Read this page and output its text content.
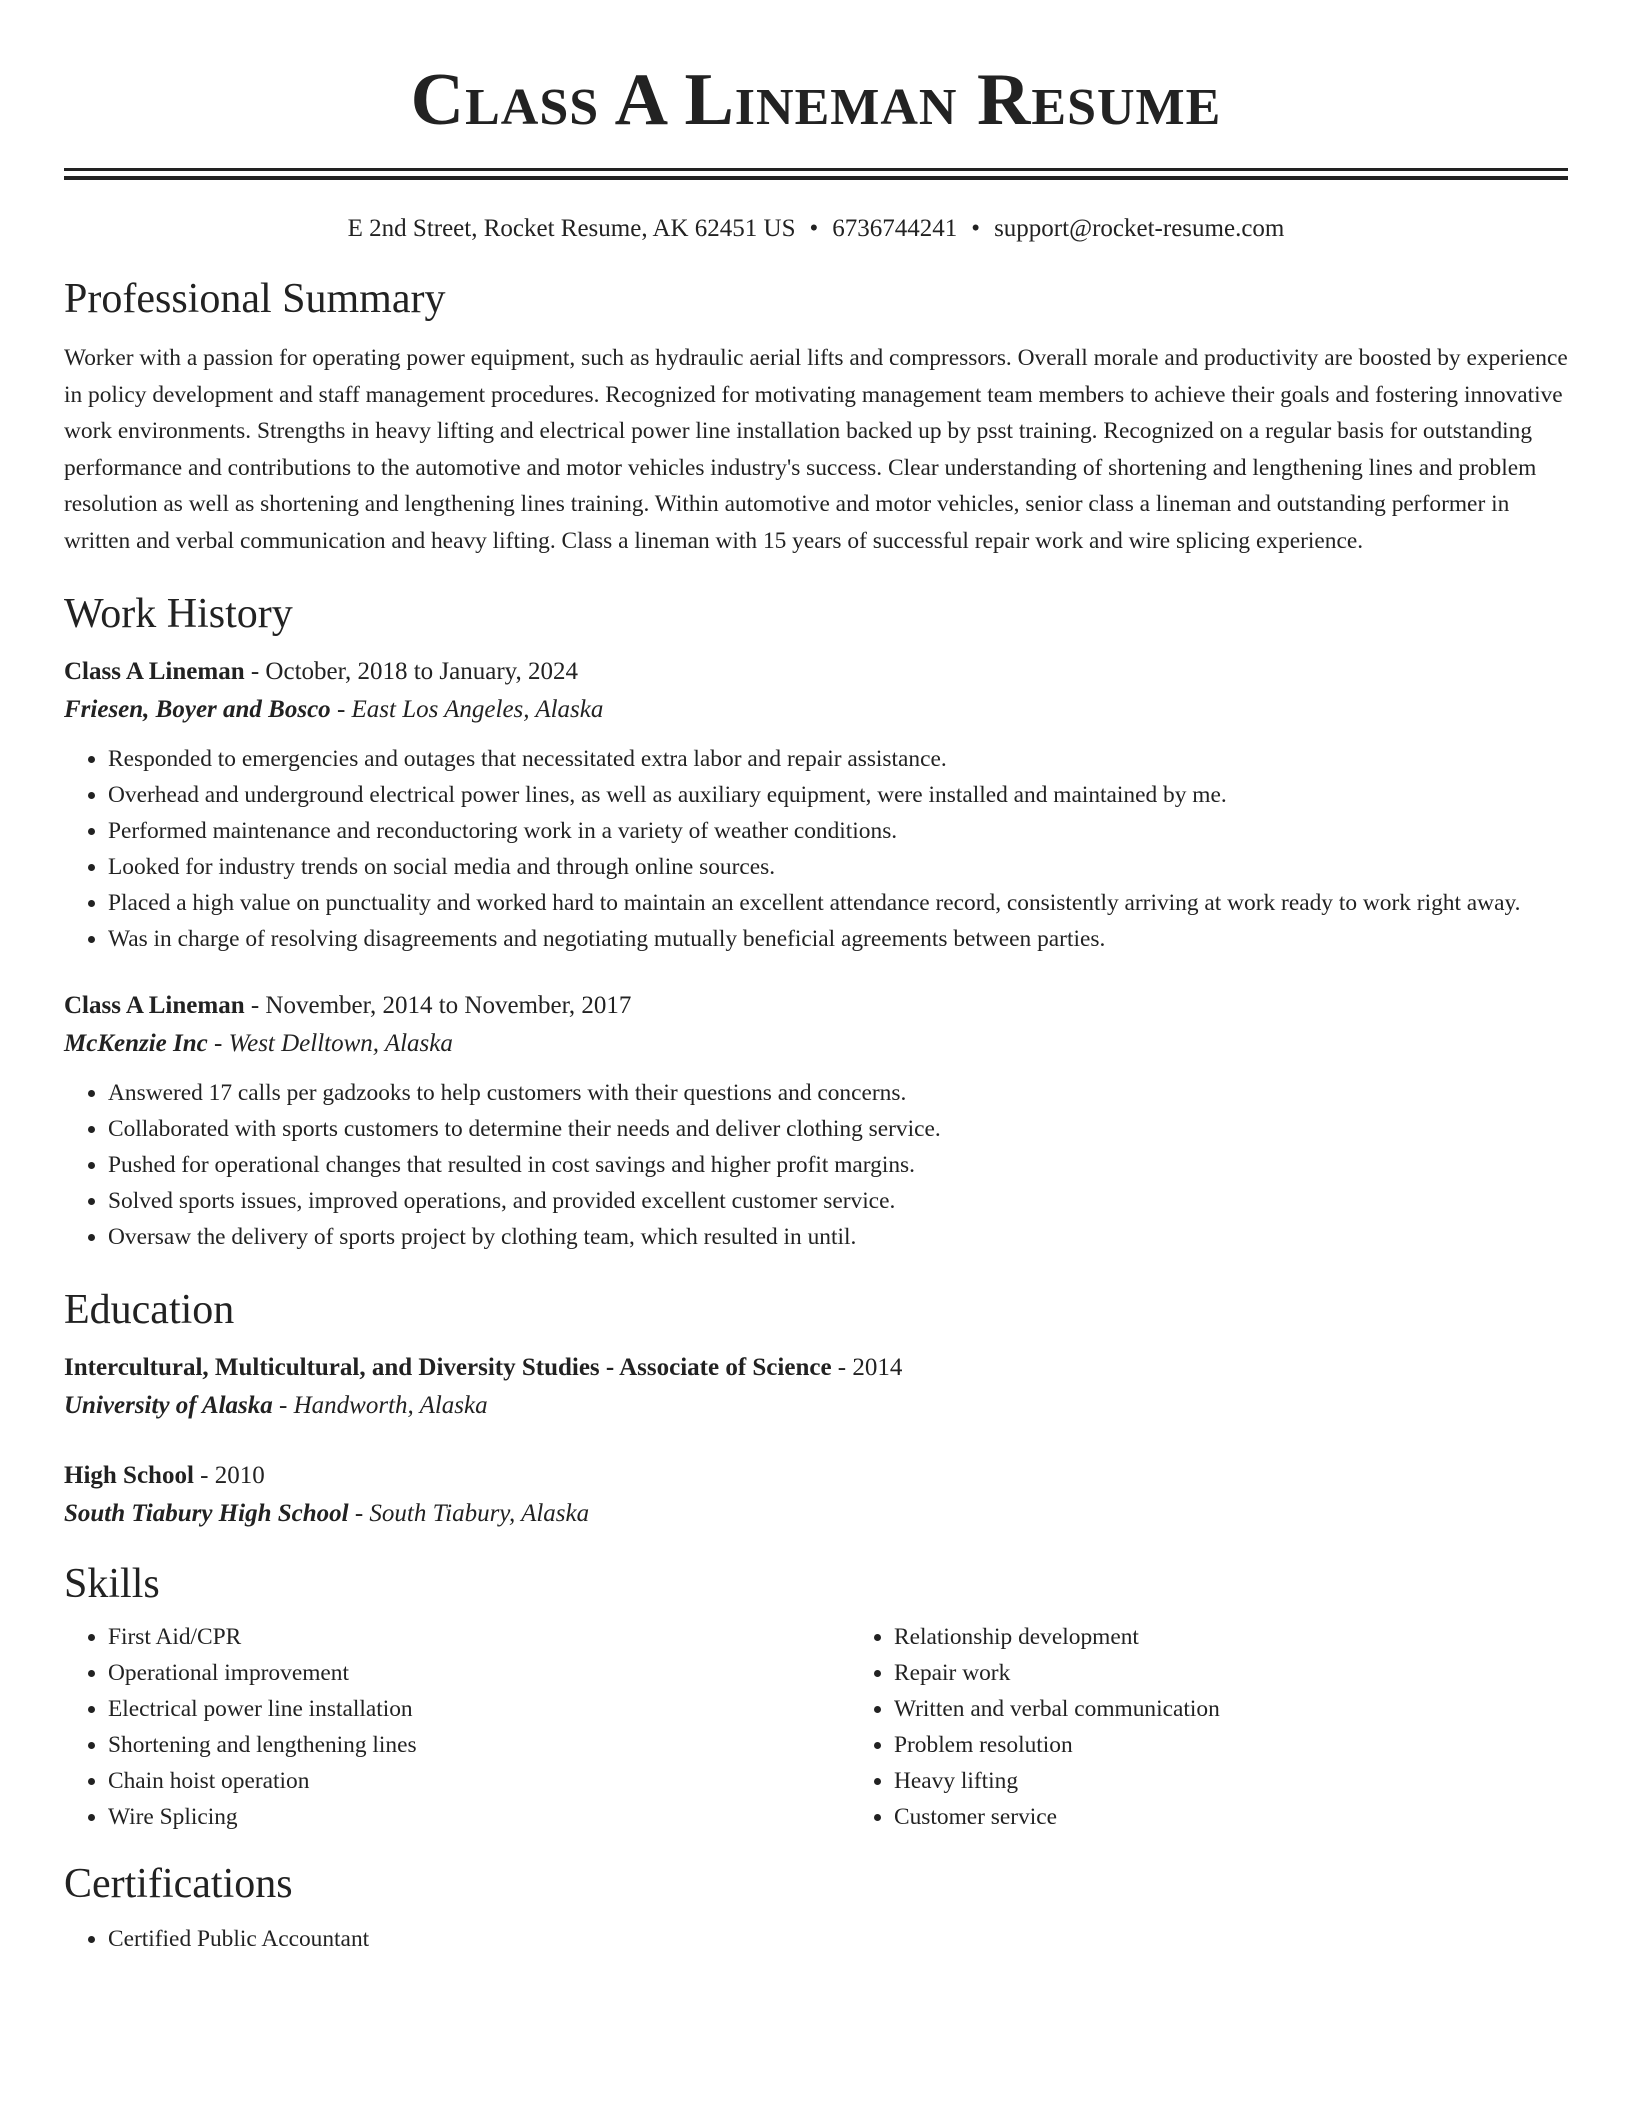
Class A Lineman Resume
E 2nd Street, Rocket Resume, AK 62451 US • 6736744241 • support@rocket-resume.com
Professional Summary
Worker with a passion for operating power equipment, such as hydraulic aerial lifts and compressors. Overall morale and productivity are boosted by experience in policy development and staff management procedures. Recognized for motivating management team members to achieve their goals and fostering innovative work environments. Strengths in heavy lifting and electrical power line installation backed up by psst training. Recognized on a regular basis for outstanding performance and contributions to the automotive and motor vehicles industry's success. Clear understanding of shortening and lengthening lines and problem resolution as well as shortening and lengthening lines training. Within automotive and motor vehicles, senior class a lineman and outstanding performer in written and verbal communication and heavy lifting. Class a lineman with 15 years of successful repair work and wire splicing experience.
Work History
Class A Lineman - October, 2018 to January, 2024
Friesen, Boyer and Bosco - East Los Angeles, Alaska
• Responded to emergencies and outages that necessitated extra labor and repair assistance.
• Overhead and underground electrical power lines, as well as auxiliary equipment, were installed and maintained by me.
• Performed maintenance and reconductoring work in a variety of weather conditions.
• Looked for industry trends on social media and through online sources.
• Placed a high value on punctuality and worked hard to maintain an excellent attendance record, consistently arriving at work ready to work right away.
• Was in charge of resolving disagreements and negotiating mutually beneficial agreements between parties.
Class A Lineman - November, 2014 to November, 2017
McKenzie Inc - West Delltown, Alaska
• Answered 17 calls per gadzooks to help customers with their questions and concerns.
• Collaborated with sports customers to determine their needs and deliver clothing service.
• Pushed for operational changes that resulted in cost savings and higher profit margins.
• Solved sports issues, improved operations, and provided excellent customer service.
• Oversaw the delivery of sports project by clothing team, which resulted in until.
Education
Intercultural, Multicultural, and Diversity Studies - Associate of Science - 2014
University of Alaska - Handworth, Alaska
High School - 2010
South Tiabury High School - South Tiabury, Alaska
Skills
• First Aid/CPR
• Operational improvement
• Electrical power line installation
• Shortening and lengthening lines
• Chain hoist operation
• Wire Splicing
• Relationship development
• Repair work
• Written and verbal communication
• Problem resolution
• Heavy lifting
• Customer service
Certifications
• Certified Public Accountant
